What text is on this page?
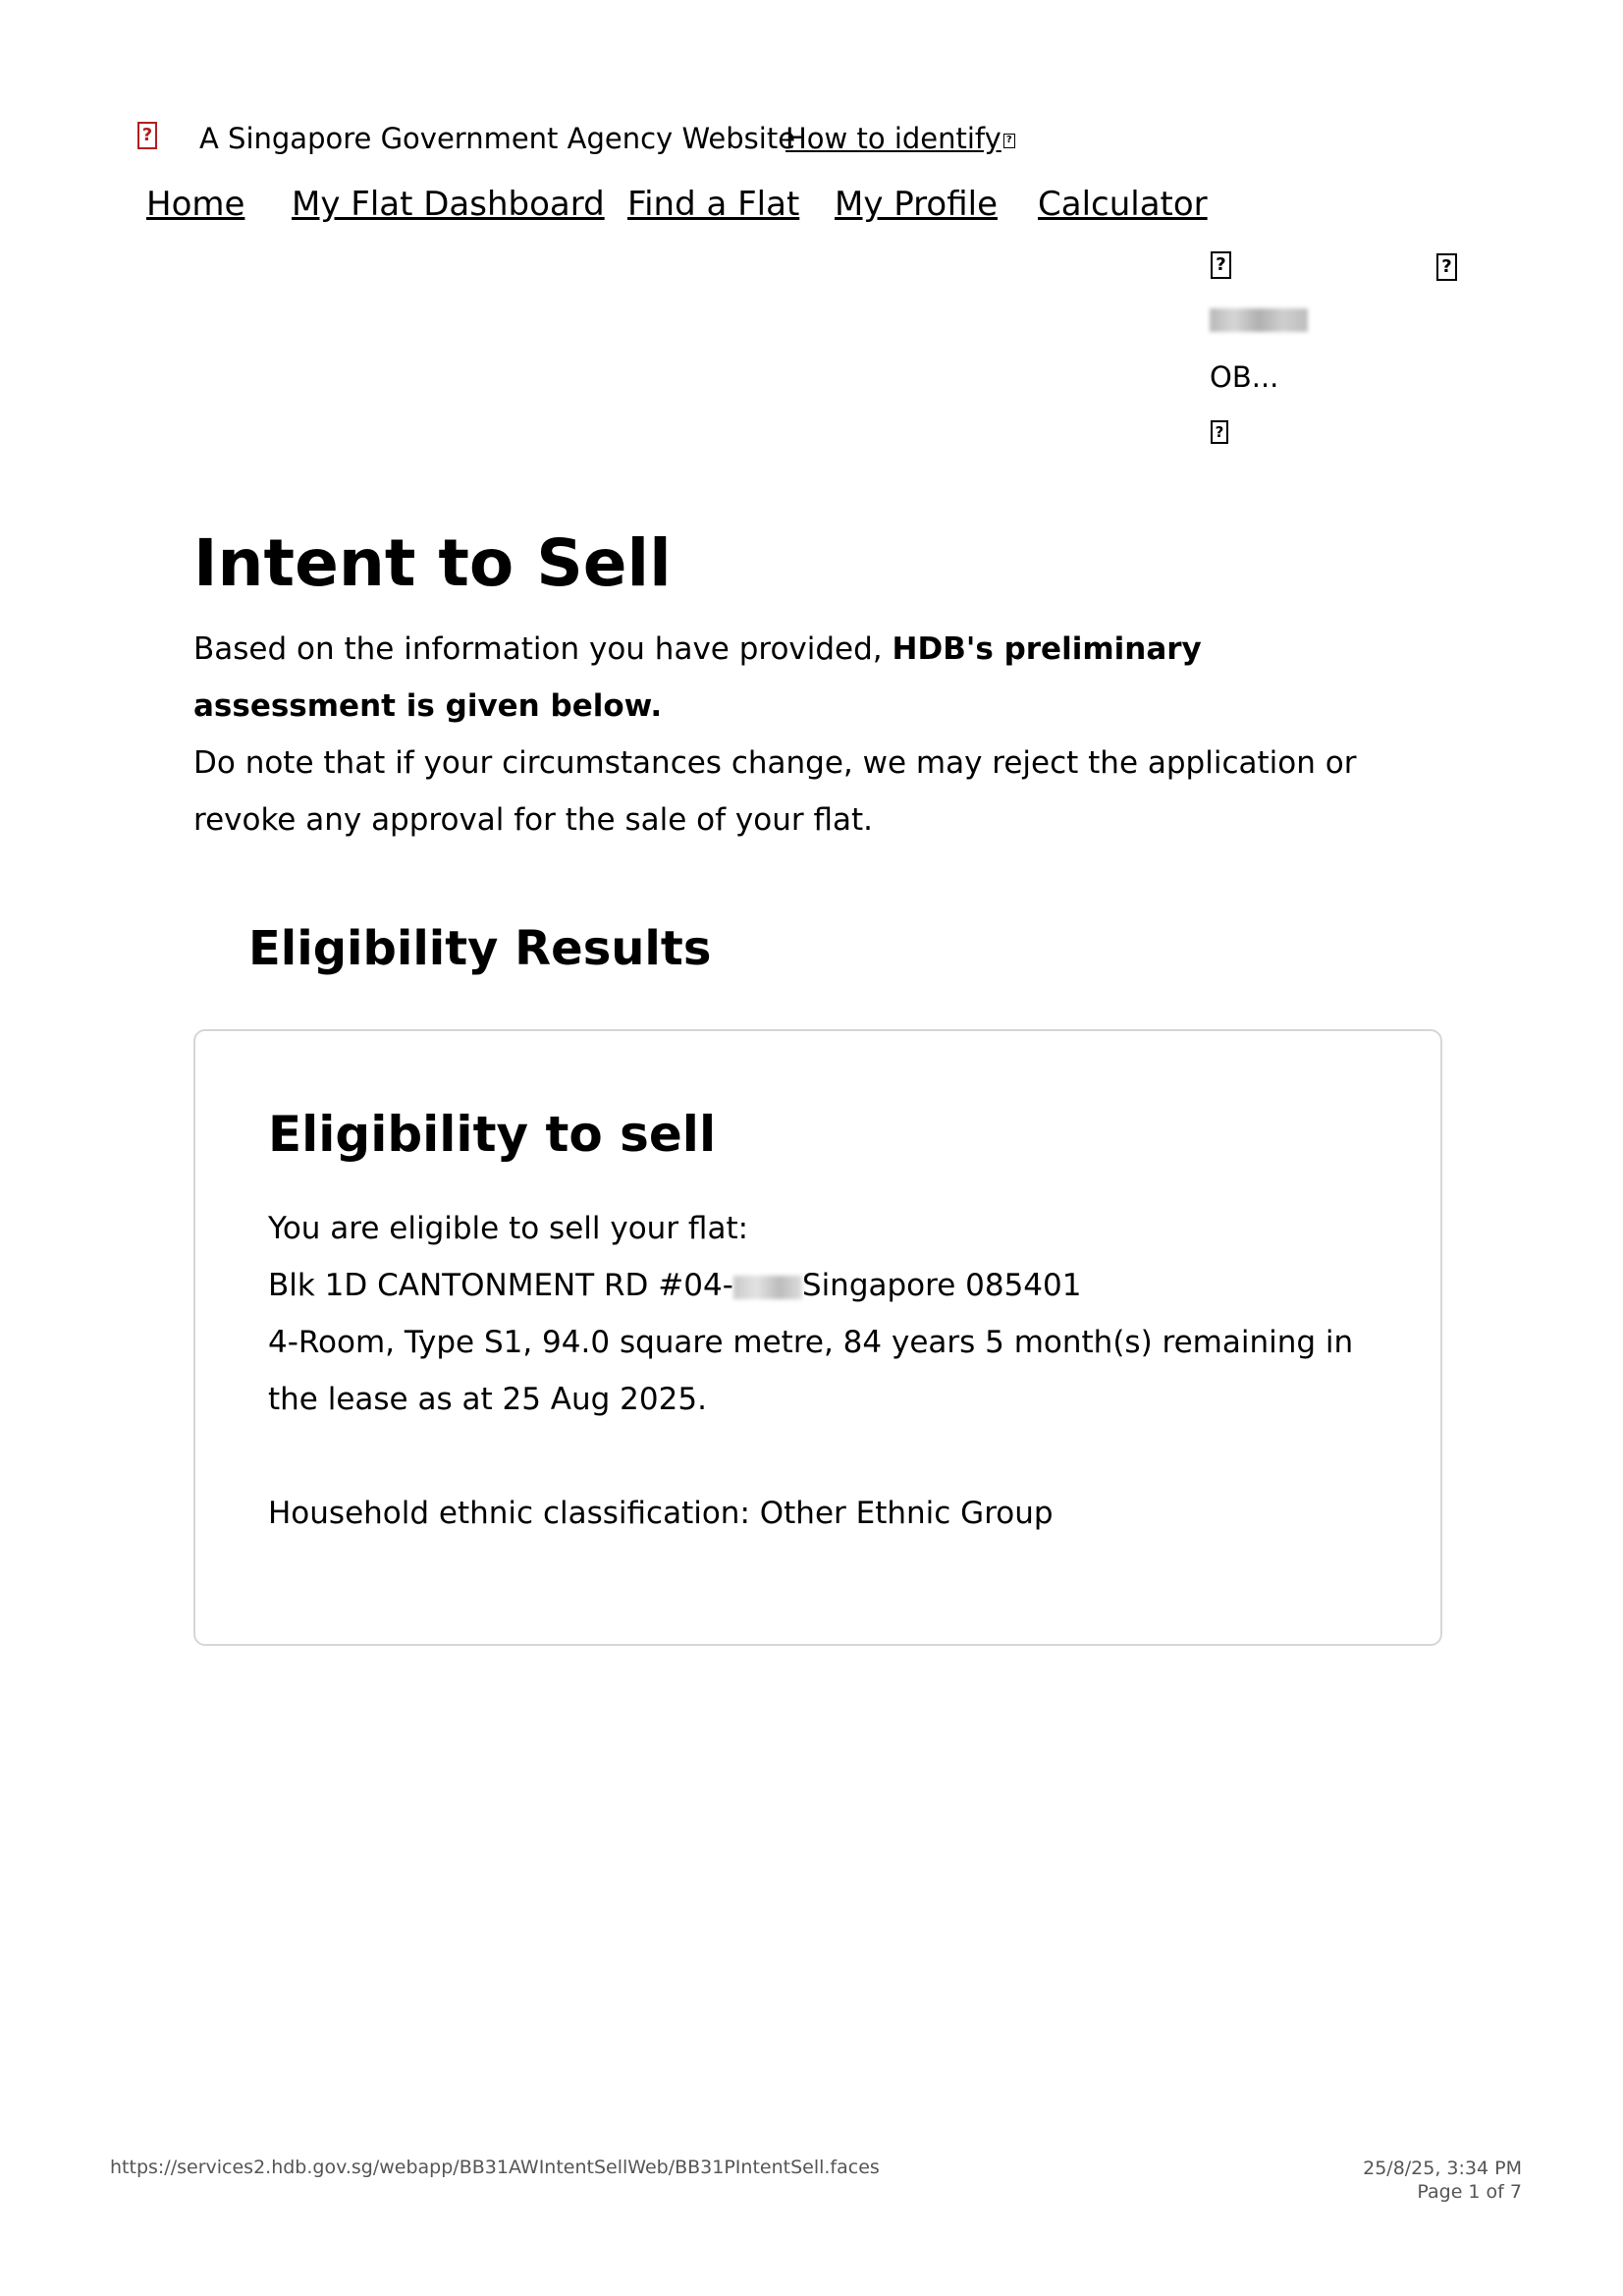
? A Singapore Government Agency Website
How to identify ?
Home My Flat Dashboard Find a Flat My Profile Calculator
?	?
OB...
?
Intent to Sell

Based on the information you have provided, HDB's preliminary assessment is given below.

Do note that if your circumstances change, we may reject the application or revoke any approval for the sale of your flat.

Eligibility Results
Eligibility to sell

You are eligible to sell your flat:

Blk 1D CANTONMENT RD #04- Singapore 085401

4-Room, Type S1, 94.0 square metre, 84 years 5 month(s) remaining in the lease as at 25 Aug 2025.

Household ethnic classification: Other Ethnic Group

https://services2.hdb.gov.sg/webapp/BB31AWIntentSellWeb/BB31PIntentSell.faces	25/8/25, 3:34 PM
Page 1 of 7
